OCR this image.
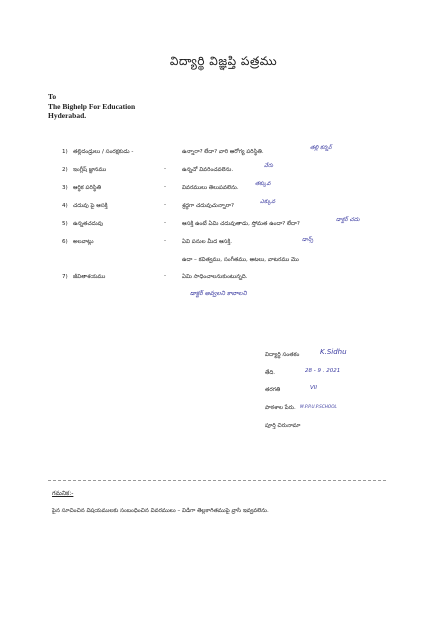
విద్యార్థి విజ్ఞప్తి పత్రము
To
The Bighelp For Education
Hyderabad.
1) తల్లిదండ్రులు / సంరక్షకుడు -	ఉన్నారా? లేదా? వారి ఆరోగ్య పరిస్థితి.
తల్లి కన్నర్
2) ఇంగ్లీష్ జ్ఞానము	-	ఉన్నచో వివరించవలెను.
వేరు
3) ఆర్థిక పరిస్థితి	-	వివరములు తెలుపవలెను.
తక్కువ
4) చదువు పై ఆసక్తి	-	శ్రద్ధగా చదువుచున్నారా?
ఎక్కువ
5) ఉన్నతచదువు	-	ఆసక్తి ఉంటే ఏమి చదువుతాడు, స్తోమత ఉందా? లేదా?
డాక్టర్ చదు
6) అలవాట్లు	-	ఏవి పనుల మీద ఆసక్తి.	డాన్స్
ఉదా – కవిత్వము, సంగీతము, ఆటలు, వాటరము మొ
7) జీవితాశయము	-	ఏమి సాధించాలనుకుంటున్నది.
డాక్టర్ అవ్వలని కావాలని
విద్యార్థి సంతకం	K.Sidhu
తేది.	28 - 9 . 2021
తరగతి	VII
పాఠశాల పేరు. M.P.P.U.P.SCHOOL
పూర్తి చిరునామా
గమనిక:-
పైన సూచించిన విషయములకు సంబంధించిన వివరములు – విడిగా తెల్లకాగితముపై వ్రాసి ఇవ్వవలెను.
